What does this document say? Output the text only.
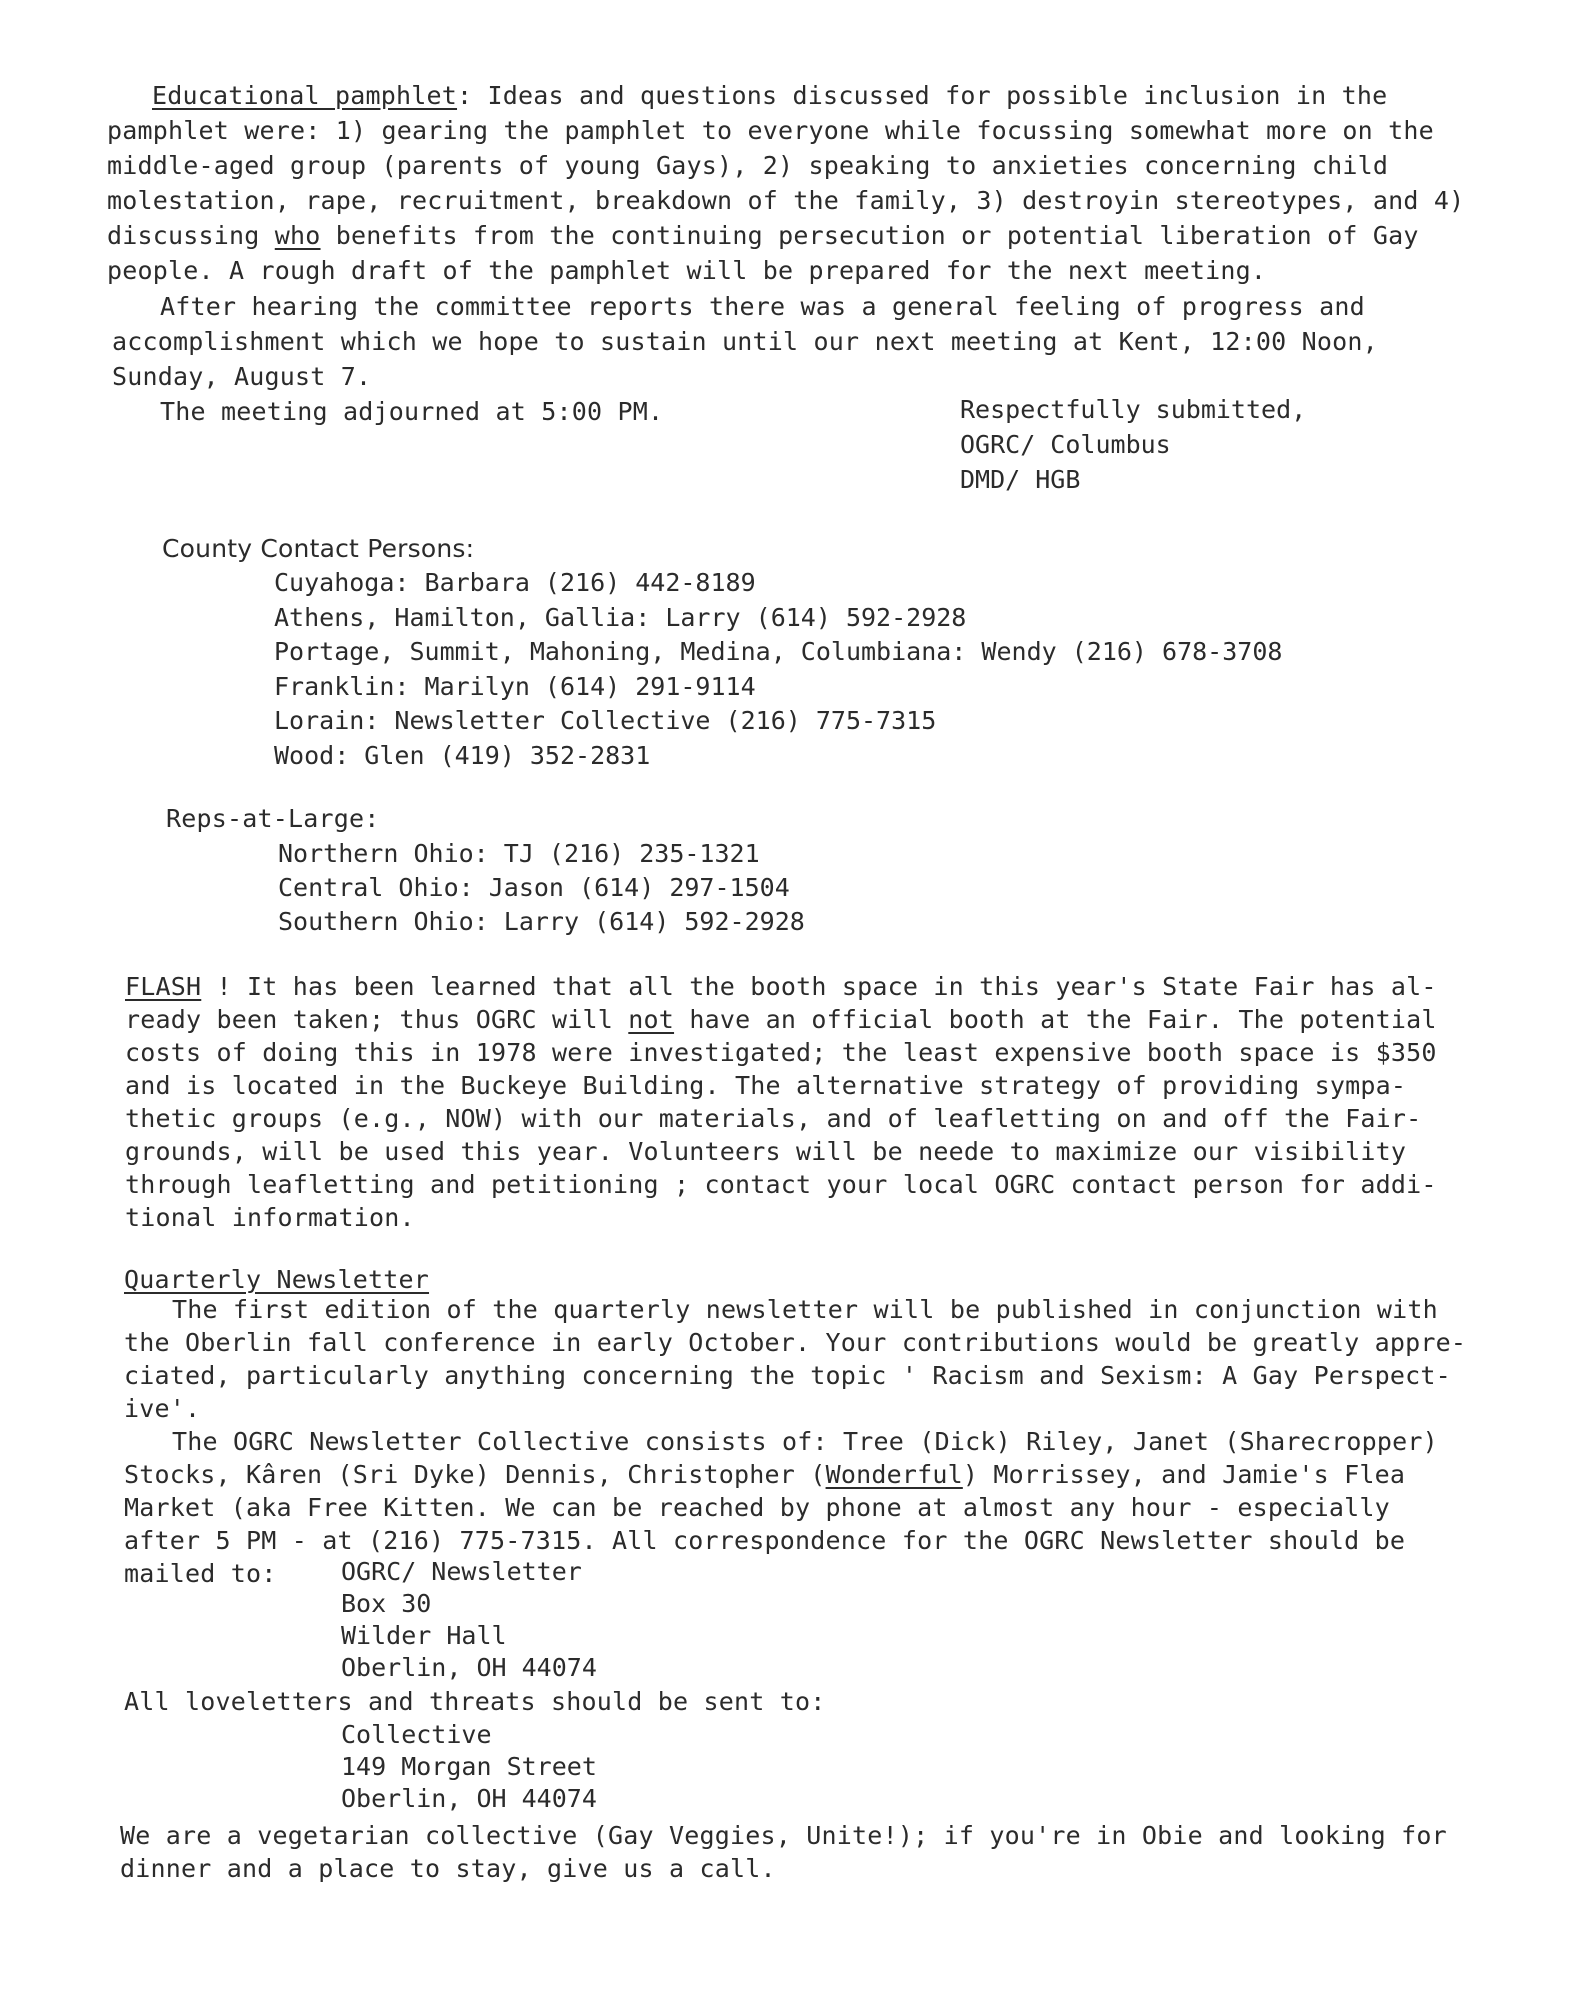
Educational pamphlet: Ideas and questions discussed for possible inclusion in the
pamphlet were: 1) gearing the pamphlet to everyone while focussing somewhat more on the
middle-aged group (parents of young Gays), 2) speaking to anxieties concerning child
molestation, rape, recruitment, breakdown of the family, 3) destroyin stereotypes, and 4)
discussing who benefits from the continuing persecution or potential liberation of Gay
people. A rough draft of the pamphlet will be prepared for the next meeting.
After hearing the committee reports there was a general feeling of progress and
accomplishment which we hope to sustain until our next meeting at Kent, 12:00 Noon,
Sunday, August 7.
The meeting adjourned at 5:00 PM.	Respectfully submitted,
OGRC/ Columbus
DMD/ HGB
County Contact Persons:
Cuyahoga: Barbara (216) 442-8189
Athens, Hamilton, Gallia: Larry (614) 592-2928
Portage, Summit, Mahoning, Medina, Columbiana: Wendy (216) 678-3708
Franklin: Marilyn (614) 291-9114
Lorain: Newsletter Collective (216) 775-7315
Wood: Glen (419) 352-2831
Reps-at-Large:
Northern Ohio: TJ (216) 235-1321
Central Ohio: Jason (614) 297-1504
Southern Ohio: Larry (614) 592-2928
FLASH ! It has been learned that all the booth space in this year's State Fair has al-
ready been taken; thus OGRC will not have an official booth at the Fair. The potential
costs of doing this in 1978 were investigated; the least expensive booth space is $350
and is located in the Buckeye Building. The alternative strategy of providing sympa-
thetic groups (e.g., NOW) with our materials, and of leafletting on and off the Fair-
grounds, will be used this year. Volunteers will be neede to maximize our visibility
through leafletting and petitioning ; contact your local OGRC contact person for addi-
tional information.
Quarterly Newsletter
The first edition of the quarterly newsletter will be published in conjunction with
the Oberlin fall conference in early October. Your contributions would be greatly appre-
ciated, particularly anything concerning the topic ' Racism and Sexism: A Gay Perspect-
ive'.
The OGRC Newsletter Collective consists of: Tree (Dick) Riley, Janet (Sharecropper)
Stocks, Kâren (Sri Dyke) Dennis, Christopher (Wonderful) Morrissey, and Jamie's Flea
Market (aka Free Kitten. We can be reached by phone at almost any hour - especially
after 5 PM - at (216) 775-7315. All correspondence for the OGRC Newsletter should be
mailed to:	OGRC/ Newsletter
Box 30
Wilder Hall
Oberlin, OH 44074
All loveletters and threats should be sent to:
Collective
149 Morgan Street
Oberlin, OH 44074
We are a vegetarian collective (Gay Veggies, Unite!); if you're in Obie and looking for
dinner and a place to stay, give us a call.
